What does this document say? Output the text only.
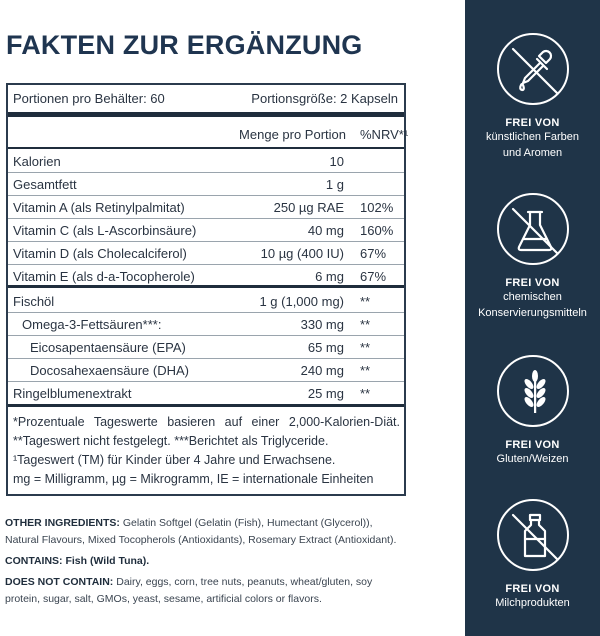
FAKTEN ZUR ERGÄNZUNG
Portionen pro Behälter: 60	Portionsgröße: 2 Kapseln
Menge pro Portion %NRV*¹
Kalorien	10
Gesamtfett	1 g
Vitamin A (als Retinylpalmitat)	250 µg RAE 102%
Vitamin C (als L-Ascorbinsäure)	40 mg 160%
Vitamin D (als Cholecalciferol)	10 µg (400 IU) 67%
Vitamin E (als d-a-Tocopherole)	6 mg 67%
Fischöl	1 g (1,000 mg) **
Omega-3-Fettsäuren***:	330 mg **
Eicosapentaensäure (EPA)	65 mg **
Docosahexaensäure (DHA)	240 mg **
Ringelblumenextrakt	25 mg **

*Prozentuale Tageswerte basieren auf einer 2,000-Kalorien-Diät. **Tageswert nicht festgelegt. ***Berichtet als Triglyceride.

¹Tageswert (TM) für Kinder über 4 Jahre und Erwachsene.

mg = Milligramm, µg = Mikrogramm, IE = internationale Einheiten

OTHER INGREDIENTS: Gelatin Softgel (Gelatin (Fish), Humectant (Glycerol)), Natural Flavours, Mixed Tocopherols (Antioxidants), Rosemary Extract (Antioxidant).

CONTAINS: Fish (Wild Tuna).

DOES NOT CONTAIN: Dairy, eggs, corn, tree nuts, peanuts, wheat/gluten, soy protein, sugar, salt, GMOs, yeast, sesame, artificial colors or flavors.

FREI VON
künstlichen Farben
und Aromen
FREI VON
chemischen
Konservierungsmitteln
FREI VON
Gluten/Weizen
FREI VON
Milchprodukten
